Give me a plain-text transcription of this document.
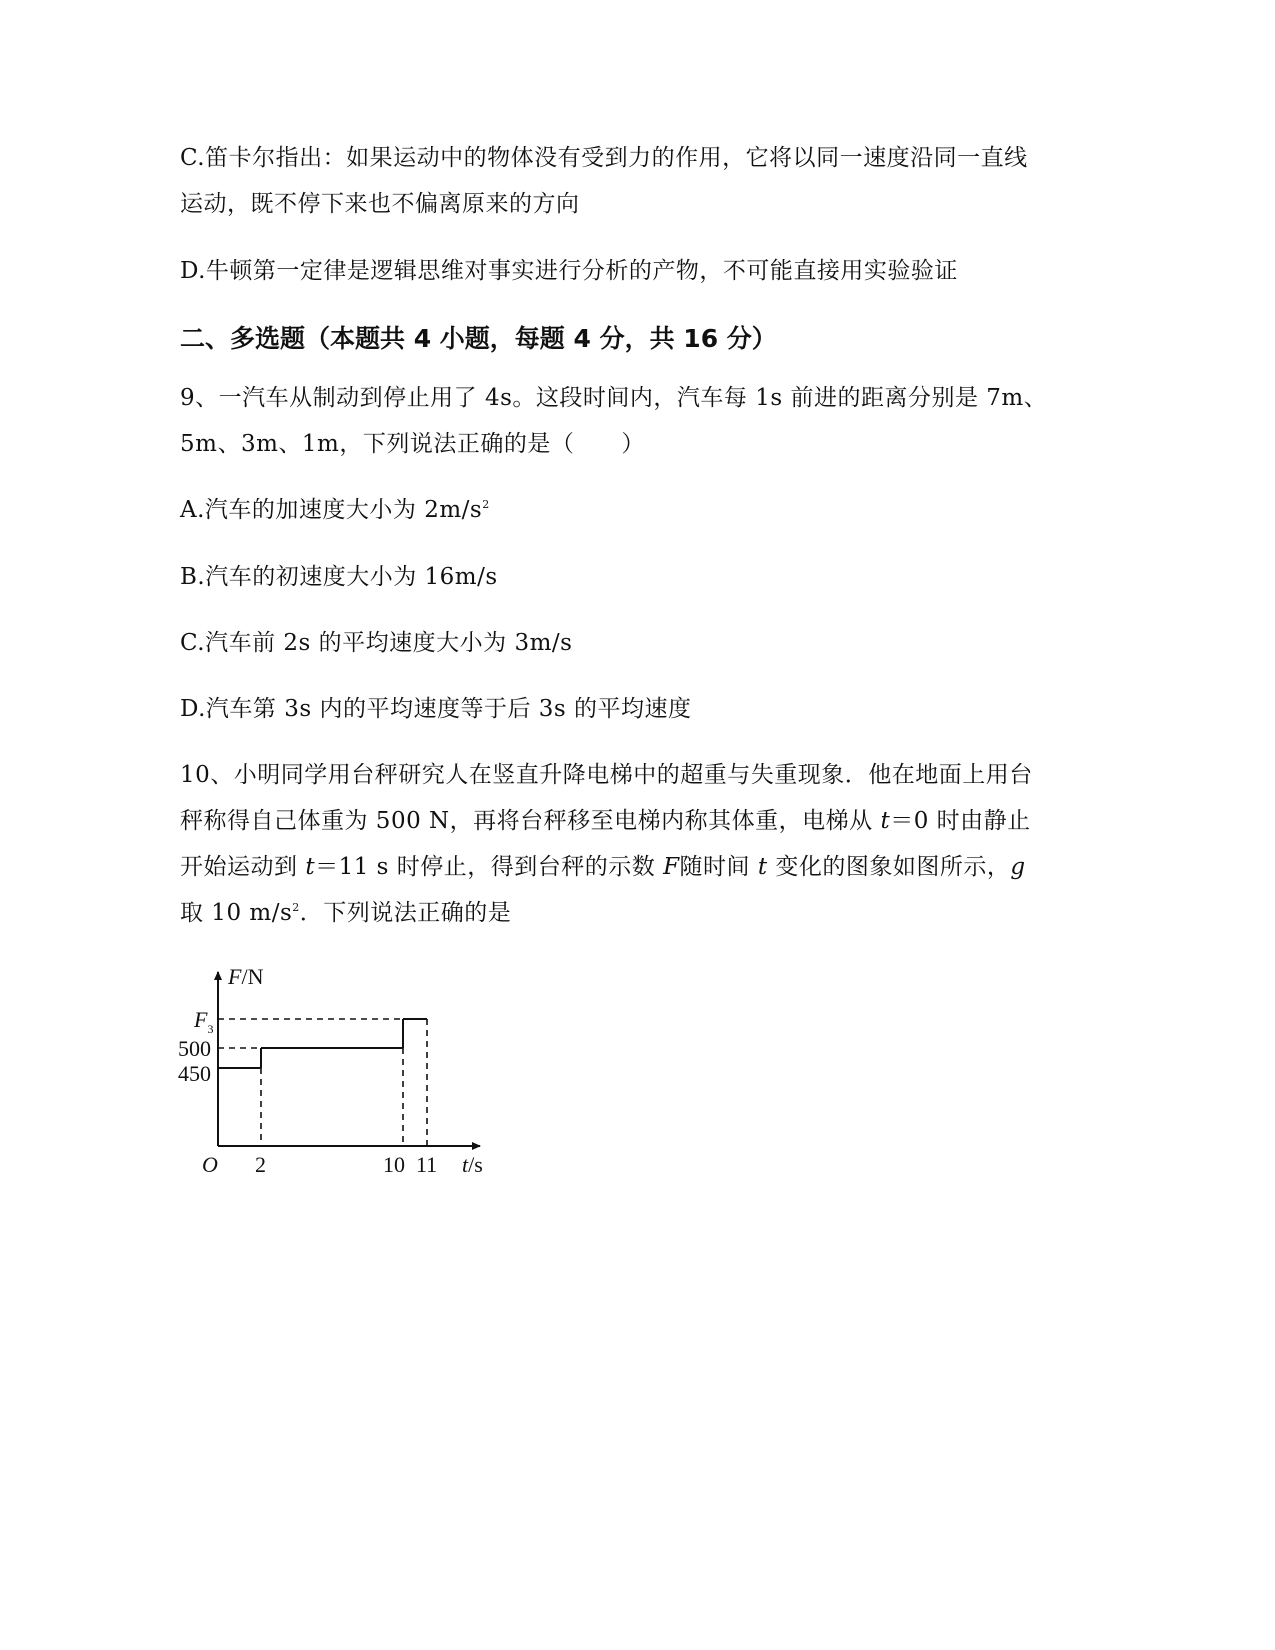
C.笛卡尔指出：如果运动中的物体没有受到力的作用，它将以同一速度沿同一直线
运动，既不停下来也不偏离原来的方向
D.牛顿第一定律是逻辑思维对事实进行分析的产物，不可能直接用实验验证
二、多选题（本题共 4 小题，每题 4 分，共 16 分）
9、一汽车从制动到停止用了 4s。这段时间内，汽车每 1s 前进的距离分别是 7m、
5m、3m、1m，下列说法正确的是（　　）
A.汽车的加速度大小为 $2m/s^2$
B.汽车的初速度大小为 16m/s
C.汽车前 2s 的平均速度大小为 3m/s
D.汽车第 3s 内的平均速度等于后 3s 的平均速度
10、小明同学用台秤研究人在竖直升降电梯中的超重与失重现象．他在地面上用台
秤称得自己体重为 500 N，再将台秤移至电梯内称其体重，电梯从 t＝0 时由静止
开始运动到 t＝11 s 时停止，得到台秤的示数 F随时间 t 变化的图象如图所示，g
取 10 $m/s^2$．下列说法正确的是
F/N
t/s
O
$F_3$
500
450
2	10 11
